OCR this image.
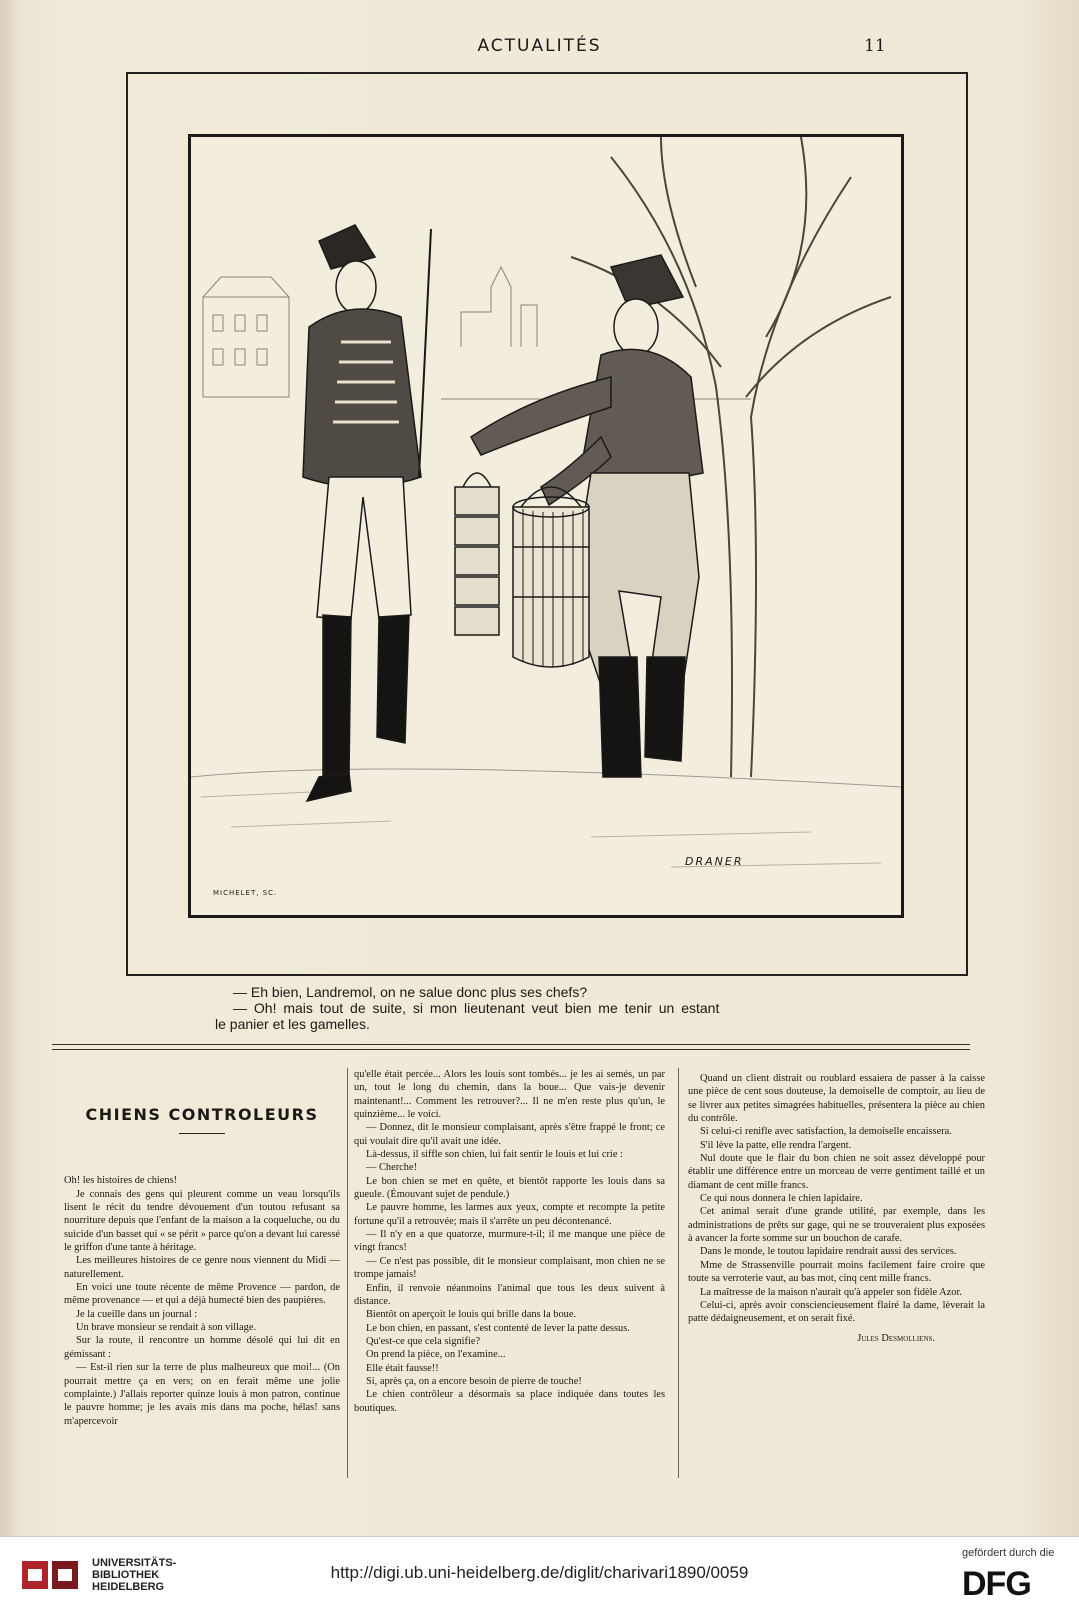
ACTUALITÉS	11
DRANER
MICHELET, SC.
— Eh bien, Landremol, on ne salue donc plus ses chefs?
— Oh! mais tout de suite, si mon lieutenant veut bien me tenir un estant
le panier et les gamelles.
CHIENS CONTROLEURS

Oh! les histoires de chiens!

Je connais des gens qui pleurent comme un veau lorsqu'ils lisent le récit du tendre dévouement d'un toutou refusant sa nourriture depuis que l'enfant de la maison a la coqueluche, ou du suicide d'un basset qui « se périt » parce qu'on a devant lui caressé le griffon d'une tante à héritage.

Les meilleures histoires de ce genre nous viennent du Midi — naturellement.

En voici une toute récente de même Provence — pardon, de même provenance — et qui a déjà humecté bien des paupières.

Je la cueille dans un journal :

Un brave monsieur se rendait à son village.

Sur la route, il rencontre un homme désolé qui lui dit en gémissant :

— Est-il rien sur la terre de plus malheureux que moi!... (On pourrait mettre ça en vers; on en ferait même une jolie complainte.) J'allais reporter quinze louis à mon patron, continue le pauvre homme; je les avais mis dans ma poche, hélas! sans m'apercevoir

qu'elle était percée... Alors les louis sont tombés... je les ai semés, un par un, tout le long du chemin, dans la boue... Que vais-je devenir maintenant!... Comment les retrouver?... Il ne m'en reste plus qu'un, le quinzième... le voici.

— Donnez, dit le monsieur complaisant, après s'être frappé le front; ce qui voulait dire qu'il avait une idée.

Là-dessus, il siffle son chien, lui fait sentir le louis et lui crie :

— Cherche!

Le bon chien se met en quête, et bientôt rapporte les louis dans sa gueule. (Émouvant sujet de pendule.)

Le pauvre homme, les larmes aux yeux, compte et recompte la petite fortune qu'il a retrouvée; mais il s'arrête un peu décontenancé.

— Il n'y en a que quatorze, murmure-t-il; il me manque une pièce de vingt francs!

— Ce n'est pas possible, dit le monsieur complaisant, mon chien ne se trompe jamais!

Enfin, il renvoie néanmoins l'animal que tous les deux suivent à distance.

Bientôt on aperçoit le louis qui brille dans la boue.

Le bon chien, en passant, s'est contenté de lever la patte dessus.

Qu'est-ce que cela signifie?

On prend la pièce, on l'examine...

Elle était fausse!!

Si, après ça, on a encore besoin de pierre de touche!

Le chien contrôleur a désormais sa place indiquée dans toutes les boutiques.

Quand un client distrait ou roublard essaiera de passer à la caisse une pièce de cent sous douteuse, la demoiselle de comptoir, au lieu de se livrer aux petites simagrées habituelles, présentera la pièce au chien du contrôle.

Si celui-ci renifle avec satisfaction, la demoiselle encaissera.

S'il lève la patte, elle rendra l'argent.

Nul doute que le flair du bon chien ne soit assez développé pour établir une différence entre un morceau de verre gentiment taillé et un diamant de cent mille francs.

Ce qui nous donnera le chien lapidaire.

Cet animal serait d'une grande utilité, par exemple, dans les administrations de prêts sur gage, qui ne se trouveraient plus exposées à avancer la forte somme sur un bouchon de carafe.

Dans le monde, le toutou lapidaire rendrait aussi des services.

Mme de Strassenville pourrait moins facilement faire croire que toute sa verroterie vaut, au bas mot, cinq cent mille francs.

La maîtresse de la maison n'aurait qu'à appeler son fidèle Azor.

Celui-ci, après avoir consciencieusement flairé la dame, lèverait la patte dédaigneusement, et on serait fixé.

Jules Desmolliens.
UNIVERSITÄTS-
BIBLIOTHEK
HEIDELBERG
http://digi.ub.uni-heidelberg.de/diglit/charivari1890/0059
gefördert durch die
DFG
